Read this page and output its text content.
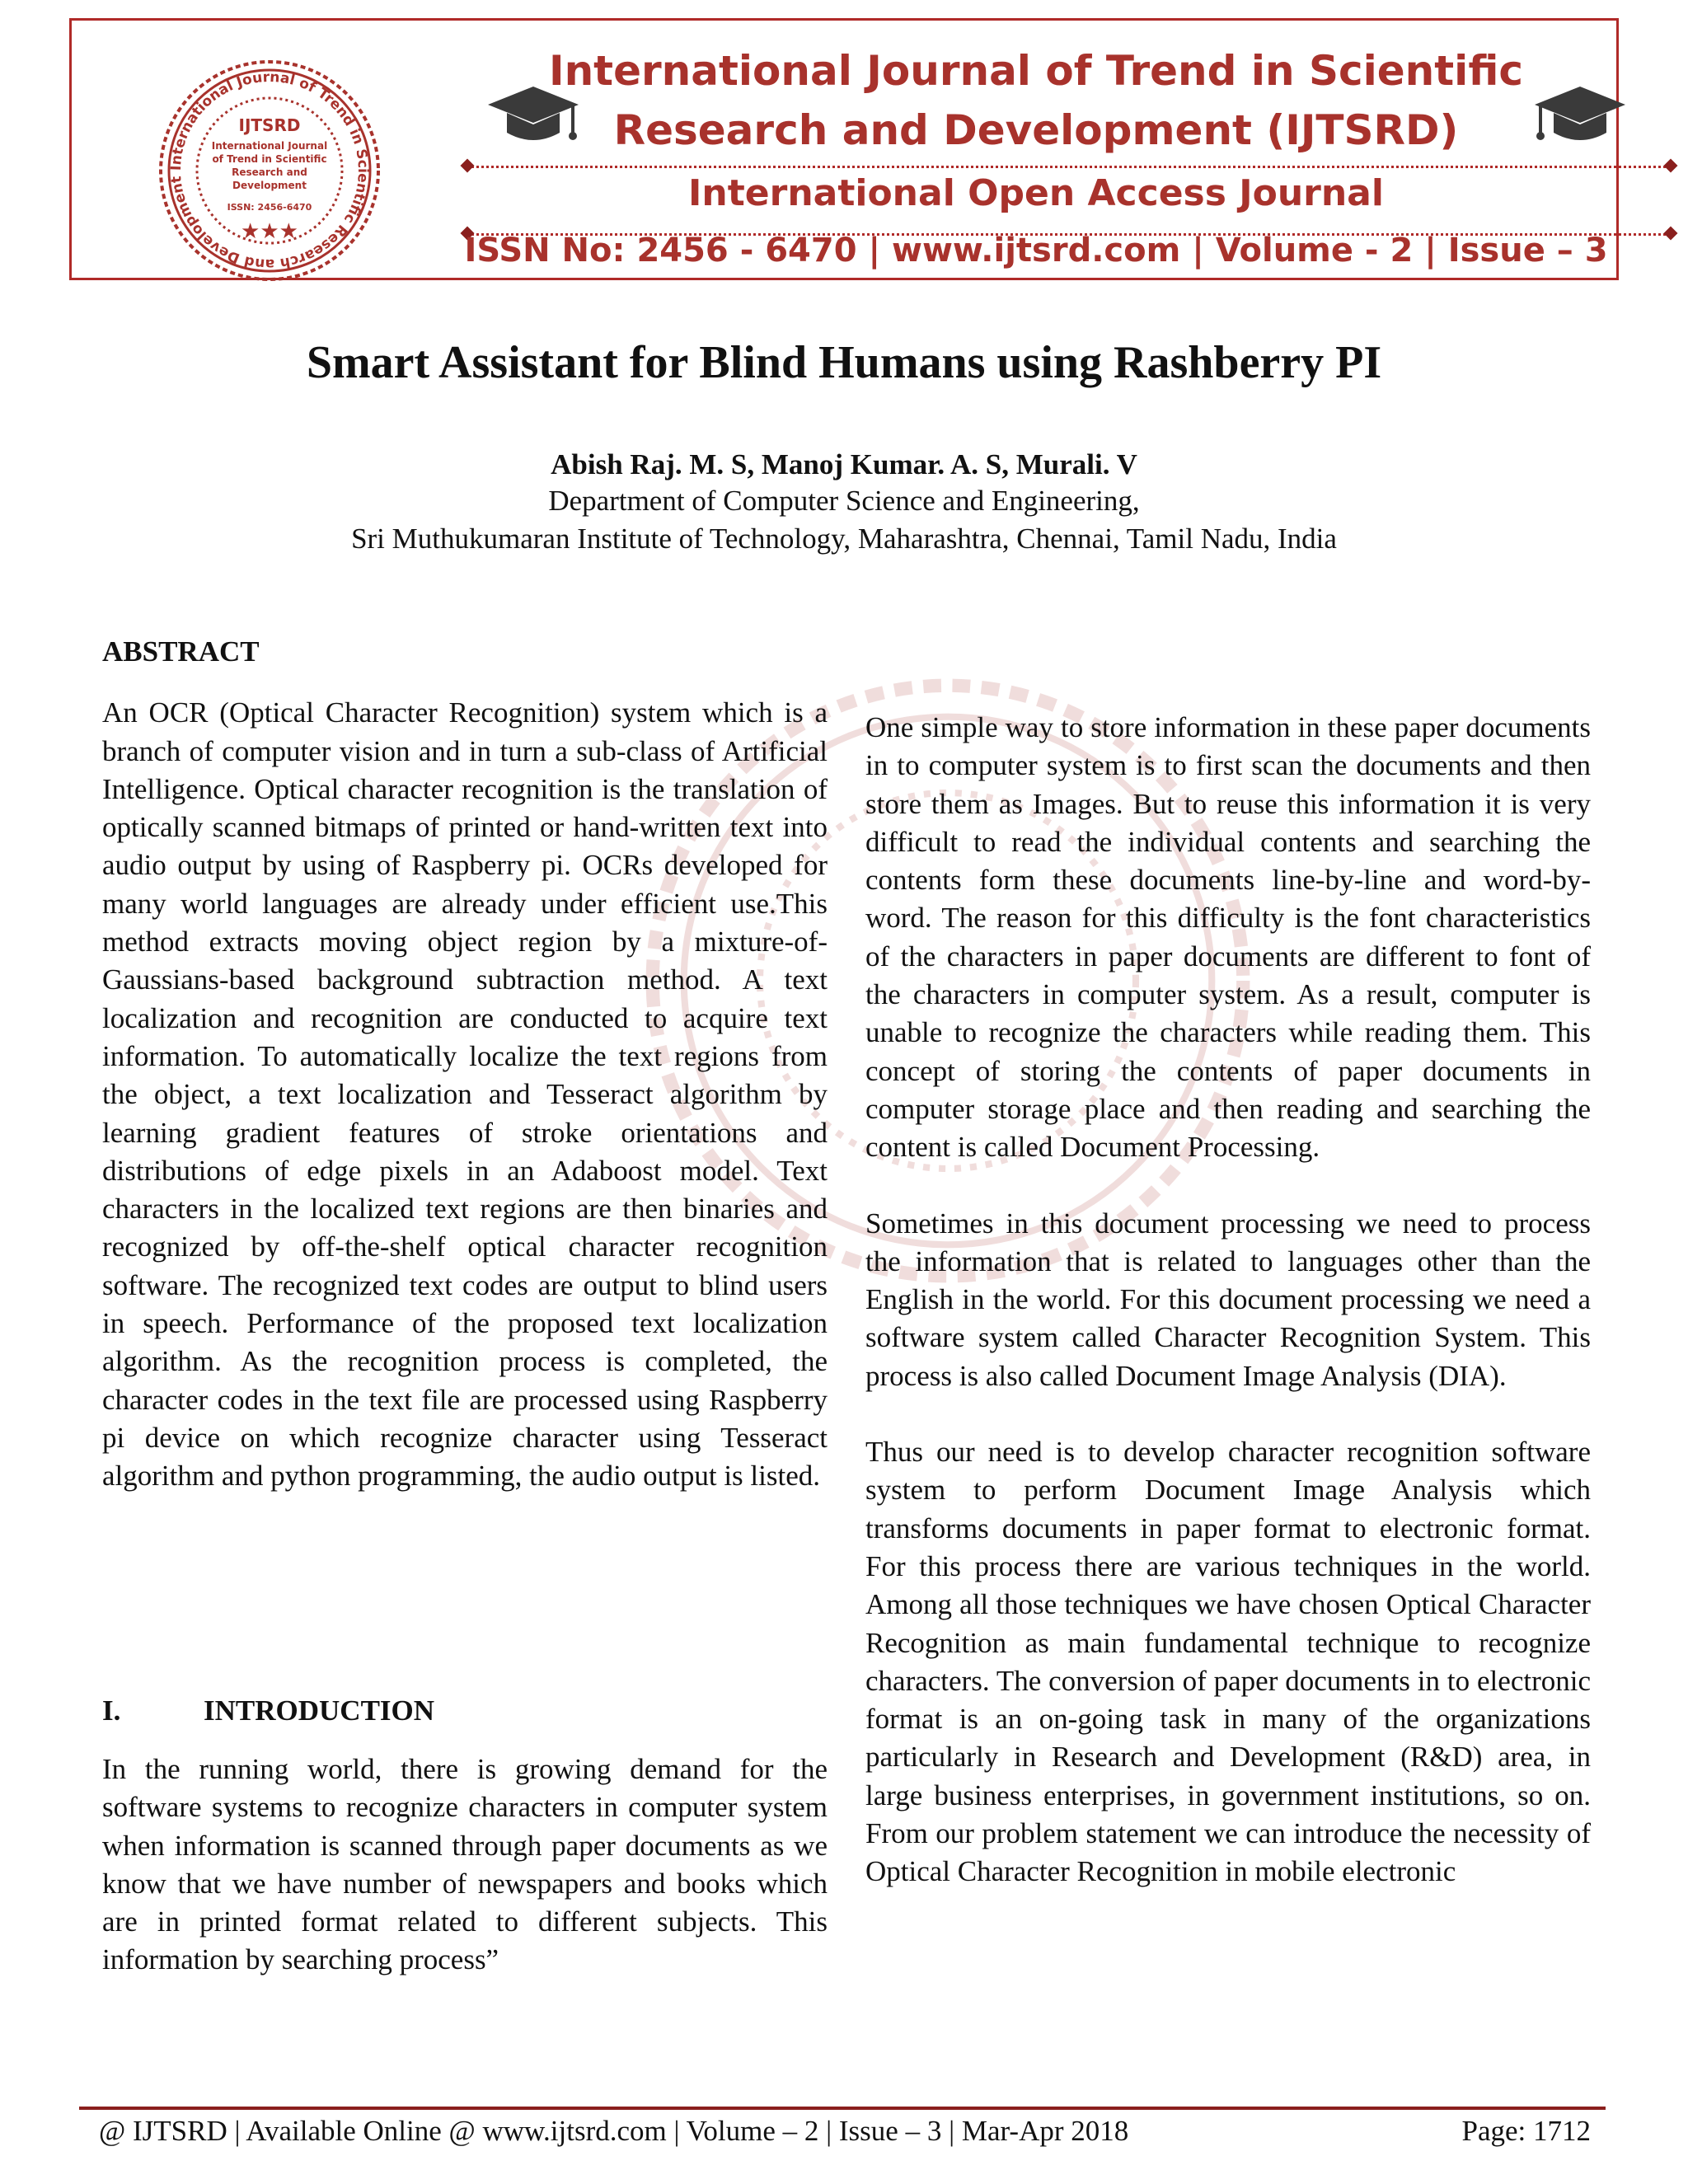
International Journal of Trend in Scientific Research and Development
IJTSRD
International Journal
of Trend in Scientific
Research and
Development
ISSN: 2456-6470
★★★
International Journal of Trend in Scientific
Research and Development (IJTSRD)
International Open Access Journal
ISSN No: 2456 - 6470 | www.ijtsrd.com | Volume - 2 | Issue – 3
Smart Assistant for Blind Humans using Rashberry PI
Abish Raj. M. S, Manoj Kumar. A. S, Murali. V
Department of Computer Science and Engineering,
Sri Muthukumaran Institute of Technology, Maharashtra, Chennai, Tamil Nadu, India
ABSTRACT

An OCR (Optical Character Recognition) system which is a branch of computer vision and in turn a sub-class of Artificial Intelligence. Optical character recognition is the translation of optically scanned bitmaps of printed or hand-written text into audio output by using of Raspberry pi. OCRs developed for many world languages are already under efficient use.This method extracts moving object region by a mixture-of-Gaussians-based background subtraction method. A text localization and recognition are conducted to acquire text information. To automatically localize the text regions from the object, a text localization and Tesseract algorithm by learning gradient features of stroke orientations and distributions of edge pixels in an Adaboost model. Text characters in the localized text regions are then binaries and recognized by off-the-shelf optical character recognition software. The recognized text codes are output to blind users in speech. Performance of the proposed text localization algorithm. As the recognition process is completed, the character codes in the text file are processed using Raspberry pi device on which recognize character using Tesseract algorithm and python programming, the audio output is listed.

I.	INTRODUCTION

In the running world, there is growing demand for the software systems to recognize characters in computer system when information is scanned through paper documents as we know that we have number of newspapers and books which are in printed format related to different subjects. This information by searching process”

One simple way to store information in these paper documents in to computer system is to first scan the documents and then store them as Images. But to reuse this information it is very difficult to read the individual contents and searching the contents form these documents line-by-line and word-by-word. The reason for this difficulty is the font characteristics of the characters in paper documents are different to font of the characters in computer system. As a result, computer is unable to recognize the characters while reading them. This concept of storing the contents of paper documents in computer storage place and then reading and searching the content is called Document Processing.

Sometimes in this document processing we need to process the information that is related to languages other than the English in the world. For this document processing we need a software system called Character Recognition System. This process is also called Document Image Analysis (DIA).

Thus our need is to develop character recognition software system to perform Document Image Analysis which transforms documents in paper format to electronic format. For this process there are various techniques in the world. Among all those techniques we have chosen Optical Character Recognition as main fundamental technique to recognize characters. The conversion of paper documents in to electronic format is an on-going task in many of the organizations particularly in Research and Development (R&D) area, in large business enterprises, in government institutions, so on. From our problem statement we can introduce the necessity of Optical Character Recognition in mobile electronic

@ IJTSRD | Available Online @ www.ijtsrd.com | Volume – 2 | Issue – 3 | Mar-Apr 2018	Page: 1712
